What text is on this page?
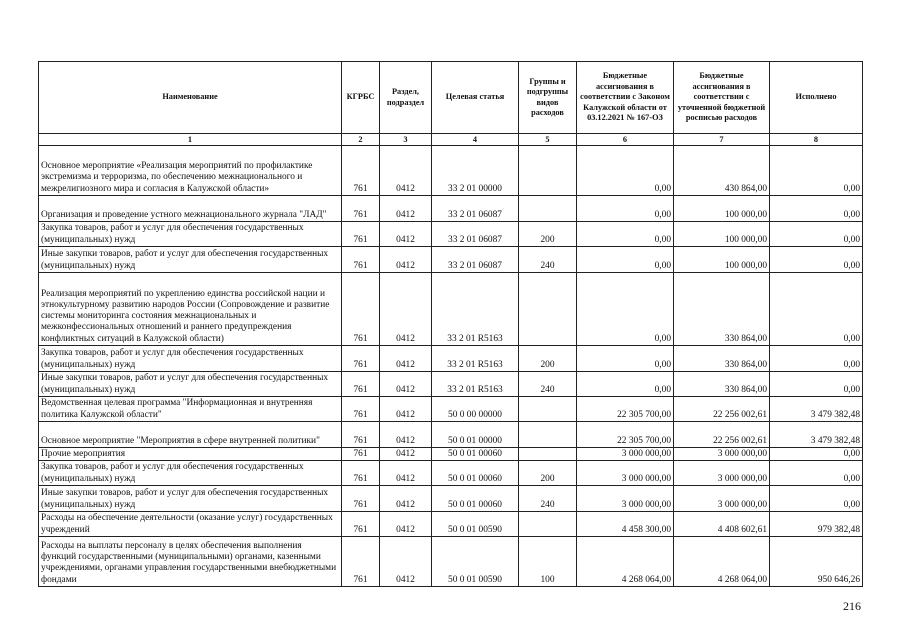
Наименование	КГРБС	Раздел, подраздел	Целевая статья	Группы и подгруппы видов расходов	Бюджетные ассигнования в соответствии с Законом Калужской области от 03.12.2021 № 167-ОЗ	Бюджетные ассигнования в соответствии с уточненной бюджетной росписью расходов	Исполнено
1	2	3	4	5	6	7	8
Основное мероприятие «Реализация мероприятий по профилактике экстремизма и терроризма, по обеспечению межнационального и межрелигиозного мира и согласия в Калужской области»	761	0412	33 2 01 00000		0,00	430 864,00	0,00
Организация и проведение устного межнационального журнала "ЛАД"	761	0412	33 2 01 06087		0,00	100 000,00	0,00
Закупка товаров, работ и услуг для обеспечения государственных (муниципальных) нужд	761	0412	33 2 01 06087	200	0,00	100 000,00	0,00
Иные закупки товаров, работ и услуг для обеспечения государственных (муниципальных) нужд	761	0412	33 2 01 06087	240	0,00	100 000,00	0,00
Реализация мероприятий по укреплению единства российской нации и этнокультурному развитию народов России (Сопровождение и развитие системы мониторинга состояния межнациональных и межконфессиональных отношений и раннего предупреждения конфликтных ситуаций в Калужской области)	761	0412	33 2 01 R5163		0,00	330 864,00	0,00
Закупка товаров, работ и услуг для обеспечения государственных (муниципальных) нужд	761	0412	33 2 01 R5163	200	0,00	330 864,00	0,00
Иные закупки товаров, работ и услуг для обеспечения государственных (муниципальных) нужд	761	0412	33 2 01 R5163	240	0,00	330 864,00	0,00
Ведомственная целевая программа "Информационная и внутренняя политика Калужской области"	761	0412	50 0 00 00000		22 305 700,00	22 256 002,61	3 479 382,48
Основное мероприятие "Мероприятия в сфере внутренней политики"	761	0412	50 0 01 00000		22 305 700,00	22 256 002,61	3 479 382,48
Прочие мероприятия	761	0412	50 0 01 00060		3 000 000,00	3 000 000,00	0,00
Закупка товаров, работ и услуг для обеспечения государственных (муниципальных) нужд	761	0412	50 0 01 00060	200	3 000 000,00	3 000 000,00	0,00
Иные закупки товаров, работ и услуг для обеспечения государственных (муниципальных) нужд	761	0412	50 0 01 00060	240	3 000 000,00	3 000 000,00	0,00
Расходы на обеспечение деятельности (оказание услуг) государственных учреждений	761	0412	50 0 01 00590		4 458 300,00	4 408 602,61	979 382,48
Расходы на выплаты персоналу в целях обеспечения выполнения функций государственными (муниципальными) органами, казенными учреждениями, органами управления государственными внебюджетными фондами	761	0412	50 0 01 00590	100	4 268 064,00	4 268 064,00	950 646,26
216
